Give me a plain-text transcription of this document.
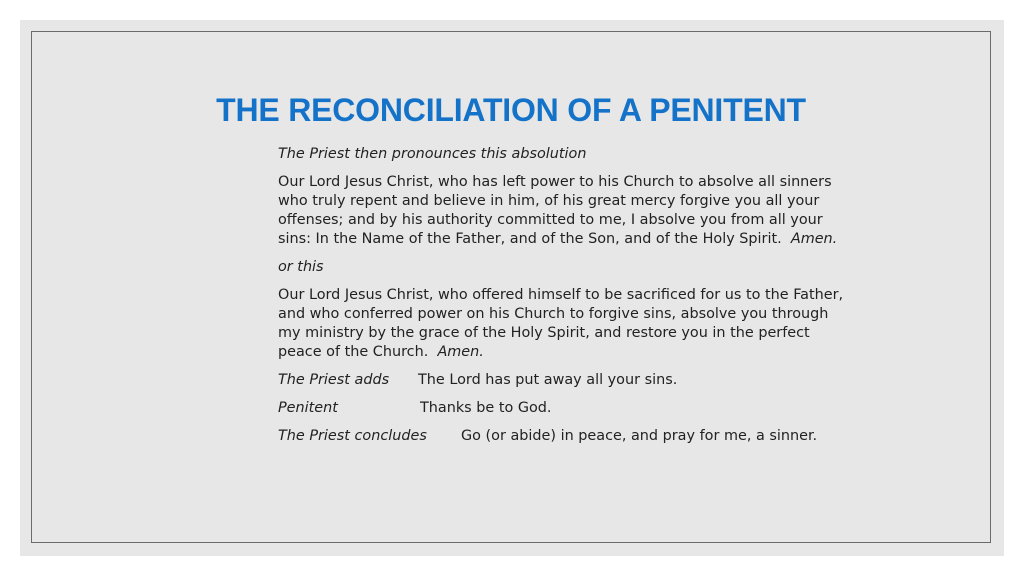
THE RECONCILIATION OF A PENITENT

The Priest then pronounces this absolution

Our Lord Jesus Christ, who has left power to his Church to absolve all sinners who truly repent and believe in him, of his great mercy forgive you all your offenses; and by his authority committed to me, I absolve you from all your sins: In the Name of the Father, and of the Son, and of the Holy Spirit. Amen.

or this

Our Lord Jesus Christ, who offered himself to be sacrificed for us to the Father, and who conferred power on his Church to forgive sins, absolve you through my ministry by the grace of the Holy Spirit, and restore you in the perfect peace of the Church. Amen.

The Priest adds The Lord has put away all your sins.
Penitent	Thanks be to God.
The Priest concludes Go (or abide) in peace, and pray for me, a sinner.
